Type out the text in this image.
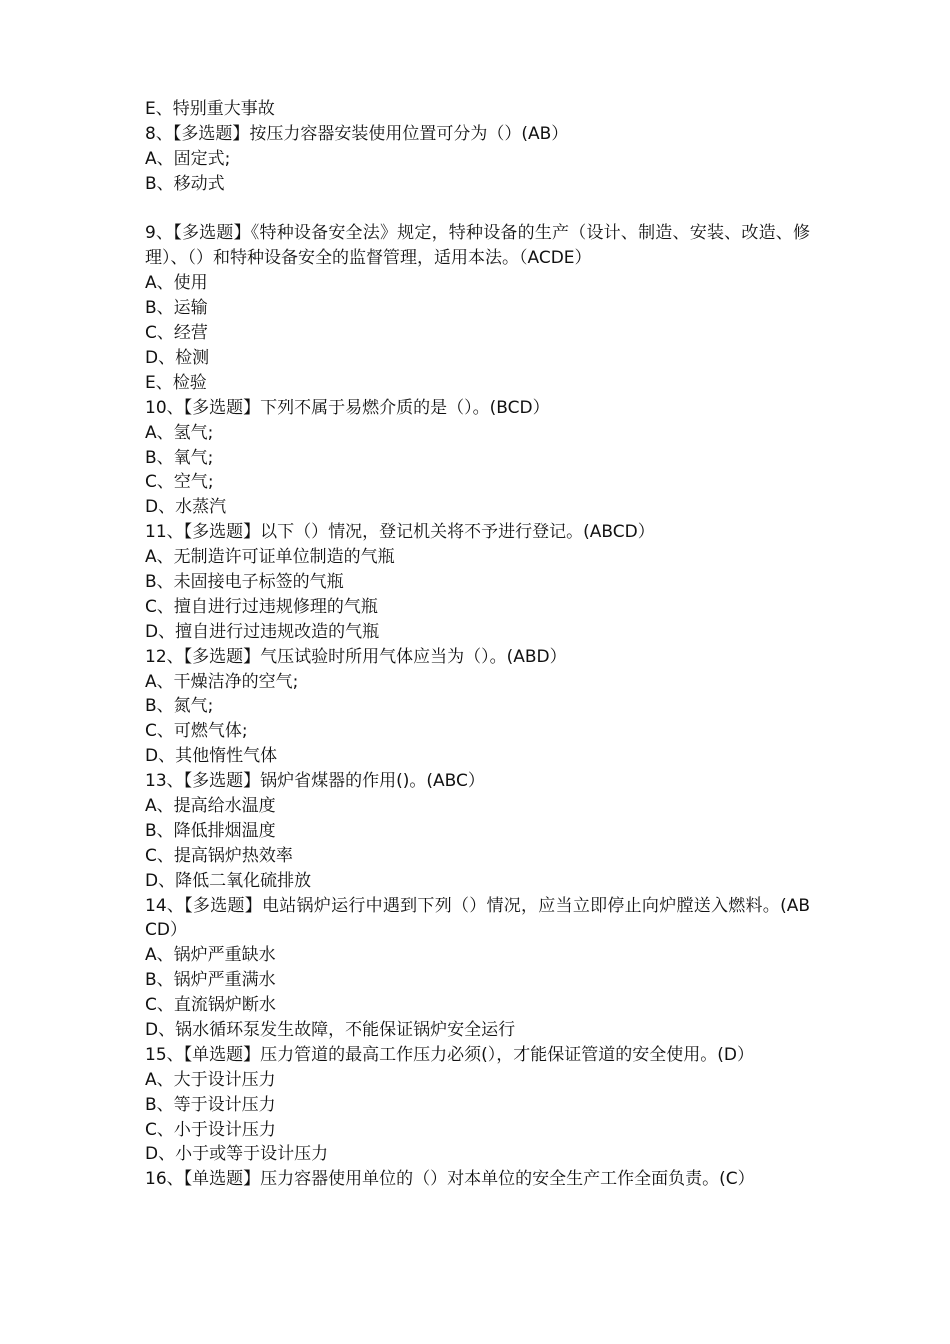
E、特别重大事故
8、【多选题】按压力容器安装使用位置可分为（）(AB）
A、固定式;
B、移动式
9、【多选题】《特种设备安全法》规定，特种设备的生产（设计、制造、安装、改造、修理）、（）和特种设备安全的监督管理，适用本法。（ACDE）
A、使用
B、运输
C、经营
D、检测
E、检验
10、【多选题】下列不属于易燃介质的是（）。(BCD）
A、氢气;
B、氧气;
C、空气;
D、水蒸汽
11、【多选题】以下（）情况，登记机关将不予进行登记。(ABCD）
A、无制造许可证单位制造的气瓶
B、未固接电子标签的气瓶
C、擅自进行过违规修理的气瓶
D、擅自进行过违规改造的气瓶
12、【多选题】气压试验时所用气体应当为（）。(ABD）
A、干燥洁净的空气;
B、氮气;
C、可燃气体;
D、其他惰性气体
13、【多选题】锅炉省煤器的作用()。(ABC）
A、提高给水温度
B、降低排烟温度
C、提高锅炉热效率
D、降低二氧化硫排放
14、【多选题】电站锅炉运行中遇到下列（）情况，应当立即停止向炉膛送入燃料。(ABCD）
A、锅炉严重缺水
B、锅炉严重满水
C、直流锅炉断水
D、锅水循环泵发生故障，不能保证锅炉安全运行
15、【单选题】压力管道的最高工作压力必须(），才能保证管道的安全使用。(D）
A、大于设计压力
B、等于设计压力
C、小于设计压力
D、小于或等于设计压力
16、【单选题】压力容器使用单位的（）对本单位的安全生产工作全面负责。(C）
